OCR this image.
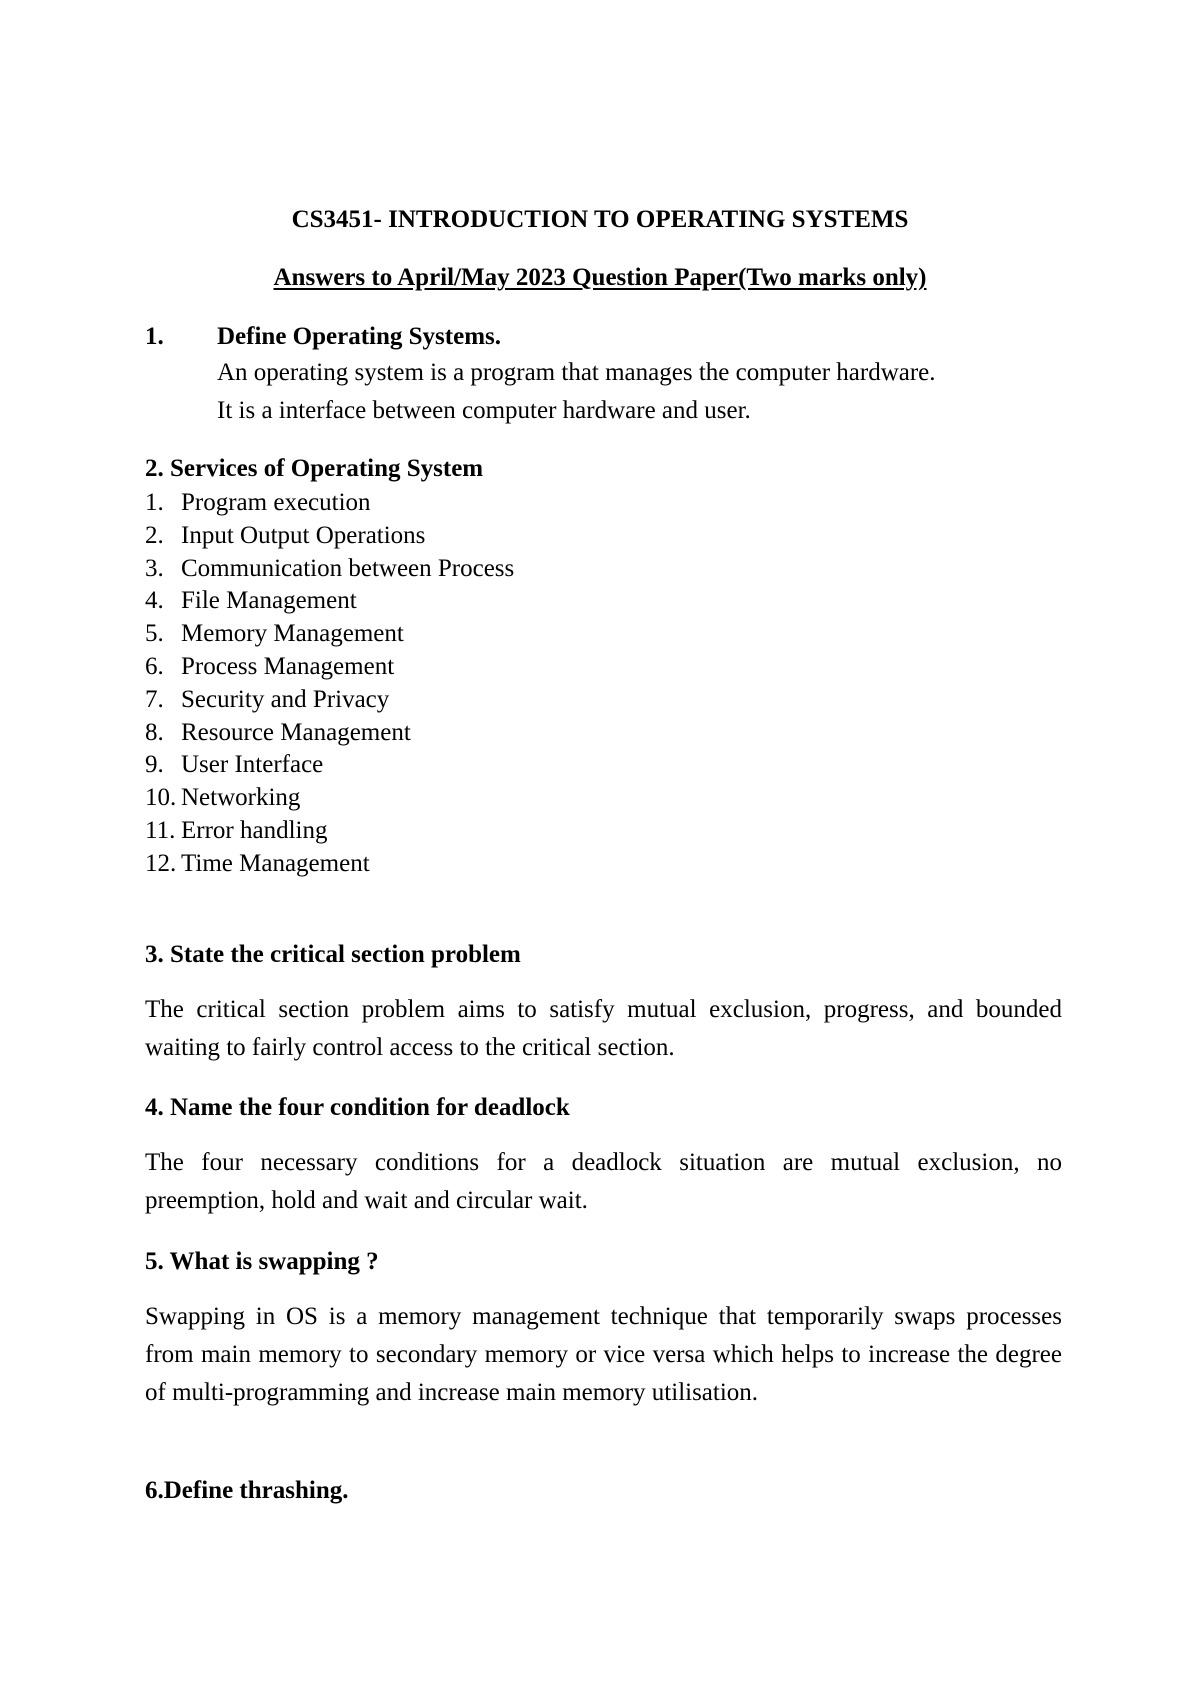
CS3451- INTRODUCTION TO OPERATING SYSTEMS

Answers to April/May 2023 Question Paper(Two marks only)

1. Define Operating Systems.

An operating system is a program that manages the computer hardware.

It is a interface between computer hardware and user.

2. Services of Operating System

1. Program execution
2. Input Output Operations
3. Communication between Process
4. File Management
5. Memory Management
6. Process Management
7. Security and Privacy
8. Resource Management
9. User Interface
10. Networking
11. Error handling
12. Time Management

3. State the critical section problem

The critical section problem aims to satisfy mutual exclusion, progress, and bounded waiting to fairly control access to the critical section.

4. Name the four condition for deadlock

The four necessary conditions for a deadlock situation are mutual exclusion, no preemption, hold and wait and circular wait.

5. What is swapping ?

Swapping in OS is a memory management technique that temporarily swaps processes from main memory to secondary memory or vice versa which helps to increase the degree of multi-programming and increase main memory utilisation.

6.Define thrashing.
